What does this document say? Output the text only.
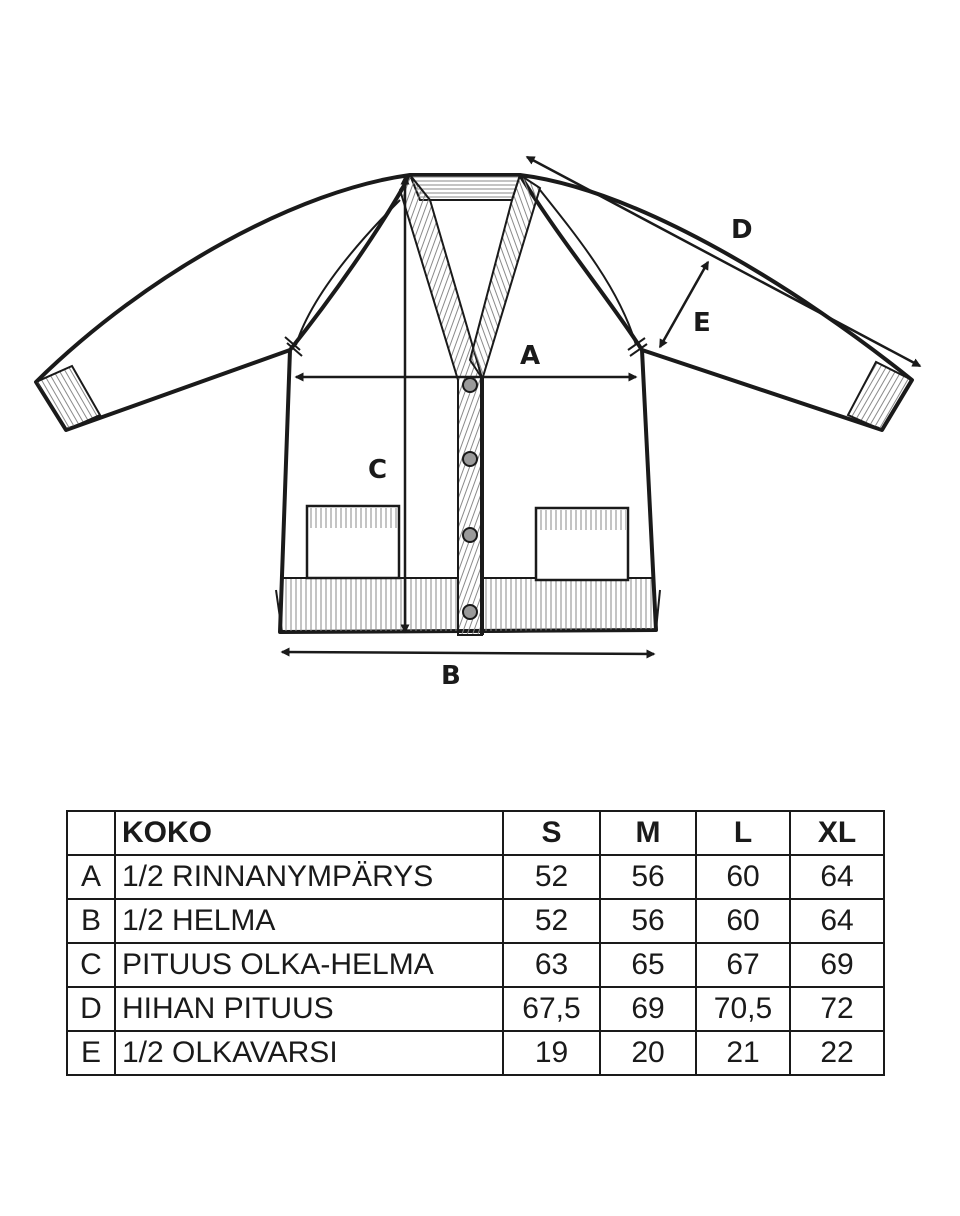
A
B
C
D
E
	KOKO	S	M	L	XL
A	1/2 RINNANYMPÄRYS	52	56	60	64
B	1/2 HELMA	52	56	60	64
C	PITUUS OLKA-HELMA	63	65	67	69
D	HIHAN PITUUS	67,5	69	70,5	72
E	1/2 OLKAVARSI	19	20	21	22
